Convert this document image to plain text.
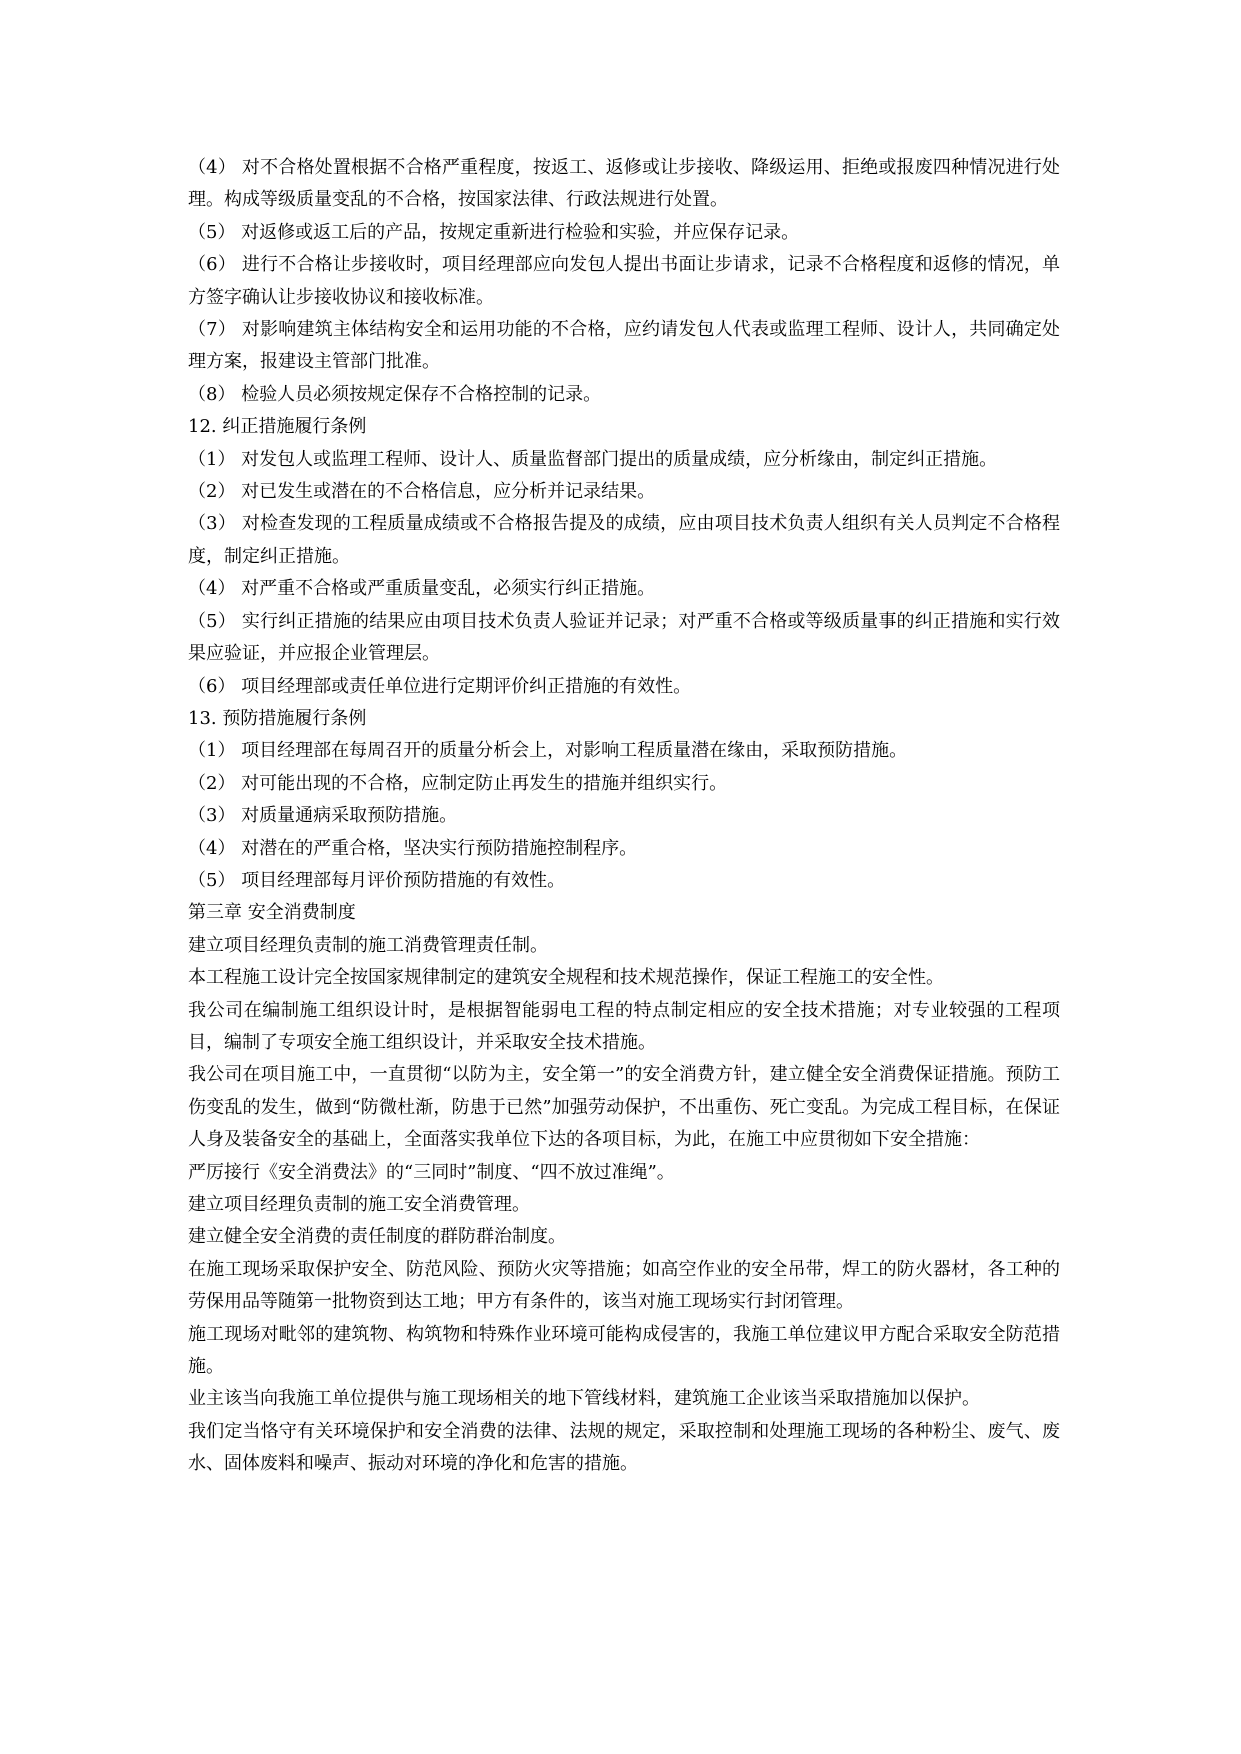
（4） 对不合格处置根据不合格严重程度，按返工、返修或让步接收、降级运用、拒绝或报废四种情况进行处理。构成等级质量变乱的不合格，按国家法律、行政法规进行处置。

（5） 对返修或返工后的产品，按规定重新进行检验和实验，并应保存记录。

（6） 进行不合格让步接收时，项目经理部应向发包人提出书面让步请求，记录不合格程度和返修的情况，单方签字确认让步接收协议和接收标准。

（7） 对影响建筑主体结构安全和运用功能的不合格，应约请发包人代表或监理工程师、设计人，共同确定处理方案，报建设主管部门批准。

（8） 检验人员必须按规定保存不合格控制的记录。

12. 纠正措施履行条例

（1） 对发包人或监理工程师、设计人、质量监督部门提出的质量成绩，应分析缘由，制定纠正措施。

（2） 对已发生或潜在的不合格信息，应分析并记录结果。

（3） 对检查发现的工程质量成绩或不合格报告提及的成绩，应由项目技术负责人组织有关人员判定不合格程度，制定纠正措施。

（4） 对严重不合格或严重质量变乱，必须实行纠正措施。

（5） 实行纠正措施的结果应由项目技术负责人验证并记录；对严重不合格或等级质量事的纠正措施和实行效果应验证，并应报企业管理层。

（6） 项目经理部或责任单位进行定期评价纠正措施的有效性。

13. 预防措施履行条例

（1） 项目经理部在每周召开的质量分析会上，对影响工程质量潜在缘由，采取预防措施。

（2） 对可能出现的不合格，应制定防止再发生的措施并组织实行。

（3） 对质量通病采取预防措施。

（4） 对潜在的严重合格，坚决实行预防措施控制程序。

（5） 项目经理部每月评价预防措施的有效性。

第三章 安全消费制度

建立项目经理负责制的施工消费管理责任制。

本工程施工设计完全按国家规律制定的建筑安全规程和技术规范操作，保证工程施工的安全性。

我公司在编制施工组织设计时，是根据智能弱电工程的特点制定相应的安全技术措施；对专业较强的工程项目，编制了专项安全施工组织设计，并采取安全技术措施。

我公司在项目施工中，一直贯彻“以防为主，安全第一”的安全消费方针，建立健全安全消费保证措施。预防工伤变乱的发生，做到“防微杜渐，防患于已然”加强劳动保护，不出重伤、死亡变乱。为完成工程目标，在保证人身及装备安全的基础上，全面落实我单位下达的各项目标，为此，在施工中应贯彻如下安全措施：

严厉接行《安全消费法》的“三同时”制度、“四不放过准绳”。

建立项目经理负责制的施工安全消费管理。

建立健全安全消费的责任制度的群防群治制度。

在施工现场采取保护安全、防范风险、预防火灾等措施；如高空作业的安全吊带，焊工的防火器材，各工种的劳保用品等随第一批物资到达工地；甲方有条件的，该当对施工现场实行封闭管理。

施工现场对毗邻的建筑物、构筑物和特殊作业环境可能构成侵害的，我施工单位建议甲方配合采取安全防范措施。

业主该当向我施工单位提供与施工现场相关的地下管线材料，建筑施工企业该当采取措施加以保护。

我们定当恪守有关环境保护和安全消费的法律、法规的规定，采取控制和处理施工现场的各种粉尘、废气、废水、固体废料和噪声、振动对环境的净化和危害的措施。
